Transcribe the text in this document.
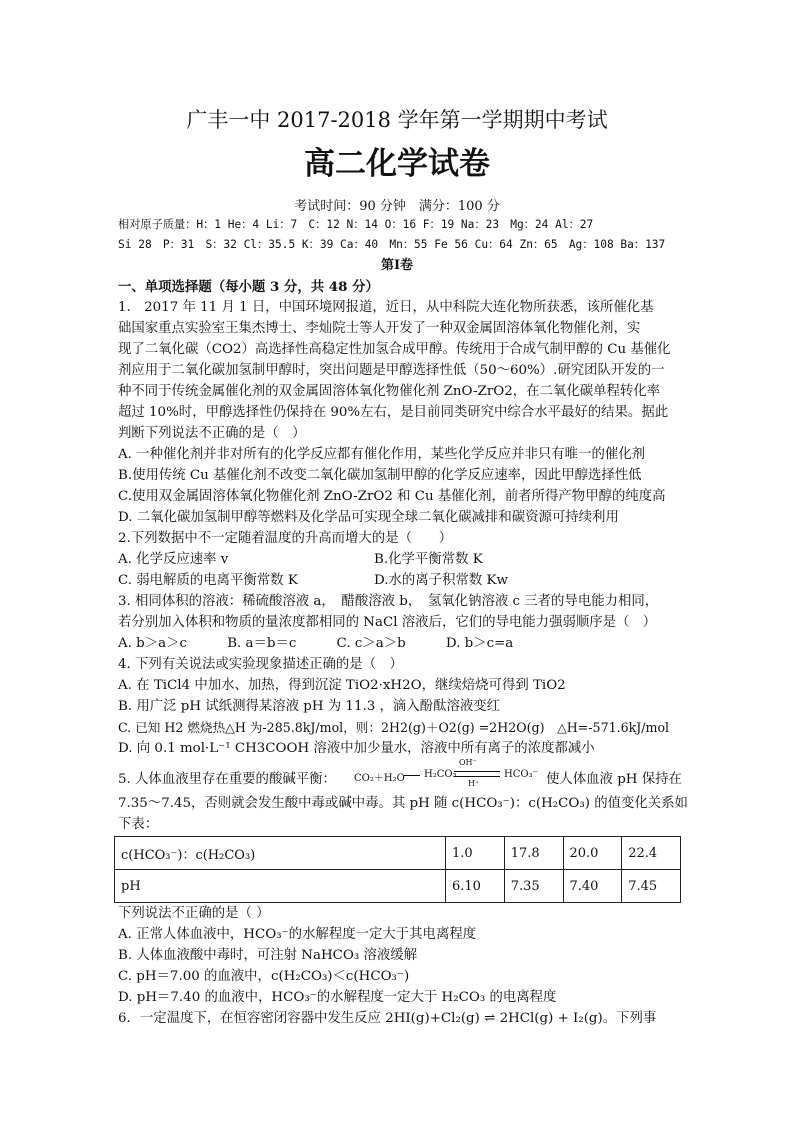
广丰一中 2017-2018 学年第一学期期中考试
高二化学试卷
考试时间：90 分钟　满分：100 分
相对原子质量：H：1 He：4 Li：7　C：12 N：14 O：16 F：19 Na：23　Mg：24 Al：27
Si 28　P：31　S：32 Cl：35.5 K：39 Ca：40　Mn：55 Fe 56 Cu：64 Zn：65　Ag：108 Ba：137
第Ⅰ卷
一、单项选择题（每小题 3 分，共 48 分）
1.　2017 年 11 月 1 日，中国环境网报道，近日，从中科院大连化物所获悉，该所催化基
础国家重点实验室王集杰博士、李灿院士等人开发了一种双金属固溶体氧化物催化剂，实
现了二氧化碳（CO2）高选择性高稳定性加氢合成甲醇。传统用于合成气制甲醇的 Cu 基催化
剂应用于二氧化碳加氢制甲醇时，突出问题是甲醇选择性低（50～60%）.研究团队开发的一
种不同于传统金属催化剂的双金属固溶体氧化物催化剂 ZnO-ZrO2，在二氧化碳单程转化率
超过 10%时，甲醇选择性仍保持在 90%左右，是目前同类研究中综合水平最好的结果。据此
判断下列说法不正确的是（　）
A. 一种催化剂并非对所有的化学反应都有催化作用，某些化学反应并非只有唯一的催化剂
B.使用传统 Cu 基催化剂不改变二氧化碳加氢制甲醇的化学反应速率，因此甲醇选择性低
C.使用双金属固溶体氧化物催化剂 ZnO-ZrO2 和 Cu 基催化剂，前者所得产物甲醇的纯度高
D. 二氧化碳加氢制甲醇等燃料及化学品可实现全球二氧化碳减排和碳资源可持续利用
2.下列数据中不一定随着温度的升高而增大的是（　　）
A. 化学反应速率 v	B.化学平衡常数 K
C. 弱电解质的电离平衡常数 K	D.水的离子积常数 Kw
3. 相同体积的溶液：稀硫酸溶液 a，　醋酸溶液 b，　氢氧化钠溶液 c 三者的导电能力相同，
若分别加入体积和物质的量浓度都相同的 NaCl 溶液后，它们的导电能力强弱顺序是（　）
A. b＞a＞c　　　B. a＝b＝c　　　C. c＞a＞b　　　D. b＞c=a
4. 下列有关说法或实验现象描述正确的是（　）
A. 在 TiCl4 中加水、加热，得到沉淀 TiO2·xH2O，继续焙烧可得到 TiO2
B. 用广泛 pH 试纸测得某溶液 pH 为 11.3 ，滴入酚酞溶液变红
C. 已知 H2 燃烧热△H 为-285.8kJ/mol，则：2H2(g)＋O2(g) =2H2O(g)　△H=-571.6kJ/mol
D. 向 0.1 mol·L⁻¹ CH3COOH 溶液中加少量水，溶液中所有离子的浓度都减小
5. 人体血液里存在重要的酸碱平衡： CO₂＋H₂O H₂CO₃
OH⁻
H⁺
HCO₃⁻ 使人体血液 pH 保持在
7.35～7.45，否则就会发生酸中毒或碱中毒。其 pH 随 c(HCO₃⁻)：c(H₂CO₃) 的值变化关系如
下表：
c(HCO₃⁻)：c(H₂CO₃)	1.0	17.8	20.0	22.4
pH	6.10	7.35	7.40	7.45
下列说法不正确的是（ ）
A. 正常人体血液中，HCO₃⁻的水解程度一定大于其电离程度
B. 人体血液酸中毒时，可注射 NaHCO₃ 溶液缓解
C. pH＝7.00 的血液中，c(H₂CO₃)＜c(HCO₃⁻)
D. pH＝7.40 的血液中，HCO₃⁻的水解程度一定大于 H₂CO₃ 的电离程度
6．一定温度下，在恒容密闭容器中发生反应 2HI(g)+Cl₂(g) ⇌ 2HCl(g) + I₂(g)。下列事
